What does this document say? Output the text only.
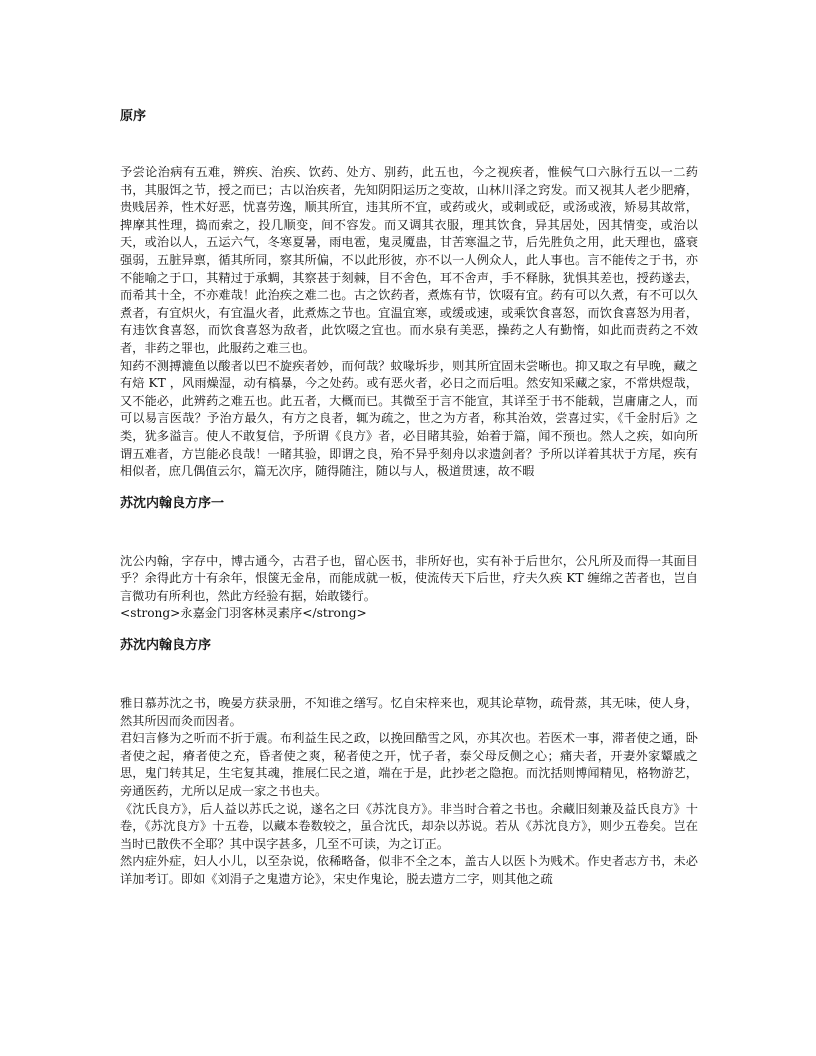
原序

予尝论治病有五难，辨疾、治疾、饮药、处方、别药，此五也，今之视疾者，惟候气口六脉行五以一二药书，其服饵之节，授之而已；古以治疾者，先知阴阳运历之变故，山林川泽之窍发。而又视其人老少肥瘠，贵贱居养，性术好恶，忧喜劳逸，顺其所宜，违其所不宜，或药或火，或刺或砭，或汤或液，矫易其故常，捭摩其性理，捣而索之，投几顺变，间不容发。而又调其衣服，理其饮食，异其居处，因其情变，或治以天，或治以人，五运六气，冬寒夏暑，雨电雹，鬼灵魇蛊，甘苦寒温之节，后先胜负之用，此天理也，盛衰强弱，五脏异禀，循其所同，察其所偏，不以此形彼，亦不以一人例众人，此人事也。言不能传之于书，亦不能喻之于口，其精过于承蜩，其察甚于刻棘，目不舍色，耳不舍声，手不释脉，犹惧其差也，授药遂去，而希其十全，不亦难哉！此治疾之难二也。古之饮药者，煮炼有节，饮啜有宜。药有可以久煮，有不可以久煮者，有宜炽火，有宜温火者，此煮炼之节也。宜温宜寒，或缓或速，或乘饮食喜怒，而饮食喜怒为用者，有违饮食喜怒，而饮食喜怒为敌者，此饮啜之宜也。而水泉有美恶，操药之人有勤惰，如此而责药之不效者，非药之罪也，此服药之难三也。

知药不测搏漉鱼以酸者以巴不旋疾者妙，而何哉？蚊喙坼步，则其所宜固未尝晰也。抑又取之有早晚，藏之有焙 KT ，风雨燥湿，动有槁暴，今之处药。或有恶火者，必日之而后咀。然安知采藏之家，不常烘煜哉，又不能必，此辨药之难五也。此五者，大概而已。其微至于言不能宣，其详至于书不能载，岂庸庸之人，而可以易言医哉？予治方最久，有方之良者，辄为疏之，世之为方者，称其治效，尝喜过实，《千金肘后》之类，犹多溢言。使人不敢复信，予所谓《良方》者，必目睹其验，始着于篇，闻不预也。然人之疾，如向所谓五难者，方岂能必良哉！一睹其验，即谓之良，殆不异乎刻舟以求遗剑者？予所以详着其状于方尾，疾有相似者，庶几偶值云尔，篇无次序，随得随注，随以与人，极道贯速，故不暇

苏沈内翰良方序一

沈公内翰，字存中，博古通今，古君子也，留心医书，非所好也，实有补于后世尔，公凡所及而得一其面目乎？余得此方十有余年，恨箧无金帛，而能成就一板，使流传天下后世，疗夫久疾 KT 缠绵之苦者也，岂自言微功有所利也，然此方经验有据，始敢镂行。

<strong>永嘉金门羽客林灵素序</strong>

苏沈内翰良方序

雅日慕苏沈之书，晚晏方获录册，不知谁之缮写。忆自宋梓来也，观其论草物，疏骨蒸，其无味，使人身，然其所因而灸而因者。

君妇言修为之听而不折于震。布利益生民之政，以挽回酷雪之风，亦其次也。若医术一事，滞者使之通，卧者使之起，瘠者使之充，昏者使之爽，秘者使之开，忧子者，泰父母反侧之心；痛夫者，开妻外家颦戚之思，鬼门转其足，生宅复其魂，推展仁民之道，端在于是，此抄老之隐抱。而沈括则博闻精见，格物游艺，旁通医药，尤所以足成一家之书也夫。

《沈氏良方》，后人益以苏氏之说，遂名之曰《苏沈良方》。非当时合着之书也。余藏旧刻兼及益氏良方》十卷，《苏沈良方》十五卷，以藏本卷数较之，虽合沈氏，却杂以苏说。若从《苏沈良方》，则少五卷矣。岂在当时已散佚不全耶？其中误字甚多，几至不可读，为之订正。

然内症外症，妇人小儿，以至杂说，依稀略备，似非不全之本，盖古人以医卜为贱术。作史者志方书，未必详加考订。即如《刘涓子之鬼遗方论》，宋史作鬼论，脱去遗方二字，则其他之疏
